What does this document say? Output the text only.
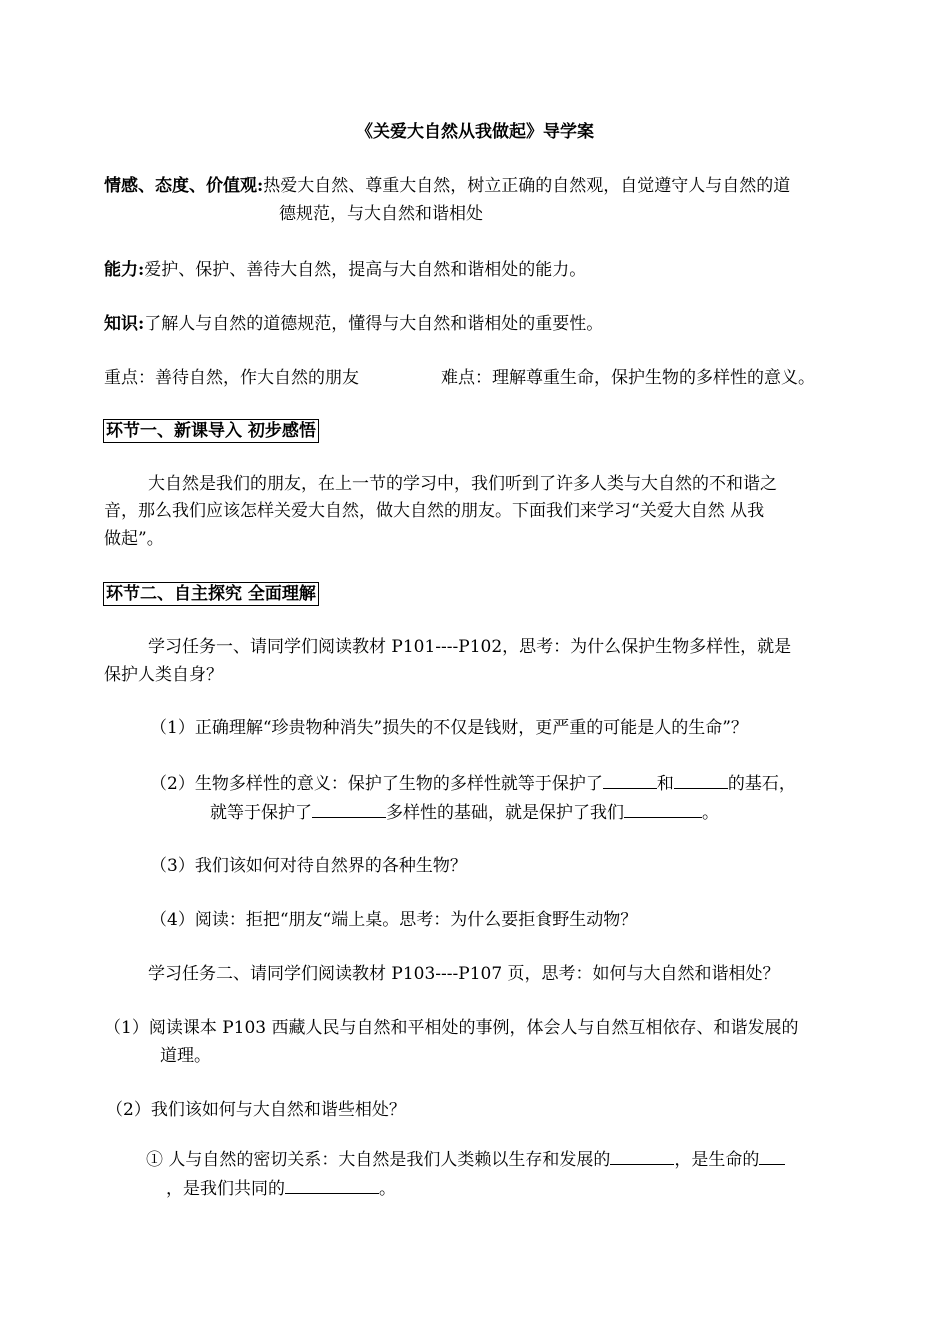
《关爱大自然从我做起》导学案
情感、态度、价值观:热爱大自然、尊重大自然，树立正确的自然观，自觉遵守人与自然的道
德规范，与大自然和谐相处
能力:爱护、保护、善待大自然，提高与大自然和谐相处的能力。
知识:了解人与自然的道德规范，懂得与大自然和谐相处的重要性。
重点：善待自然，作大自然的朋友	难点：理解尊重生命，保护生物的多样性的意义。
环节一、新课导入 初步感悟
大自然是我们的朋友，在上一节的学习中，我们听到了许多人类与大自然的不和谐之
音，那么我们应该怎样关爱大自然，做大自然的朋友。下面我们来学习“关爱大自然 从我
做起”。
环节二、自主探究 全面理解
学习任务一、请同学们阅读教材 P101----P102，思考：为什么保护生物多样性，就是
保护人类自身？
（1）正确理解“珍贵物种消失”损失的不仅是钱财，更严重的可能是人的生命”？
（2）生物多样性的意义：保护了生物的多样性就等于保护了	和	的基石，
就等于保护了	多样性的基础，就是保护了我们	。
（3）我们该如何对待自然界的各种生物？
（4）阅读：拒把“朋友“端上桌。思考：为什么要拒食野生动物？
学习任务二、请同学们阅读教材 P103----P107 页，思考：如何与大自然和谐相处？
（1）阅读课本 P103 西藏人民与自然和平相处的事例，体会人与自然互相依存、和谐发展的
道理。
（2）我们该如何与大自然和谐些相处？
① 人与自然的密切关系：大自然是我们人类赖以生存和发展的	，是生命的
，是我们共同的	。
